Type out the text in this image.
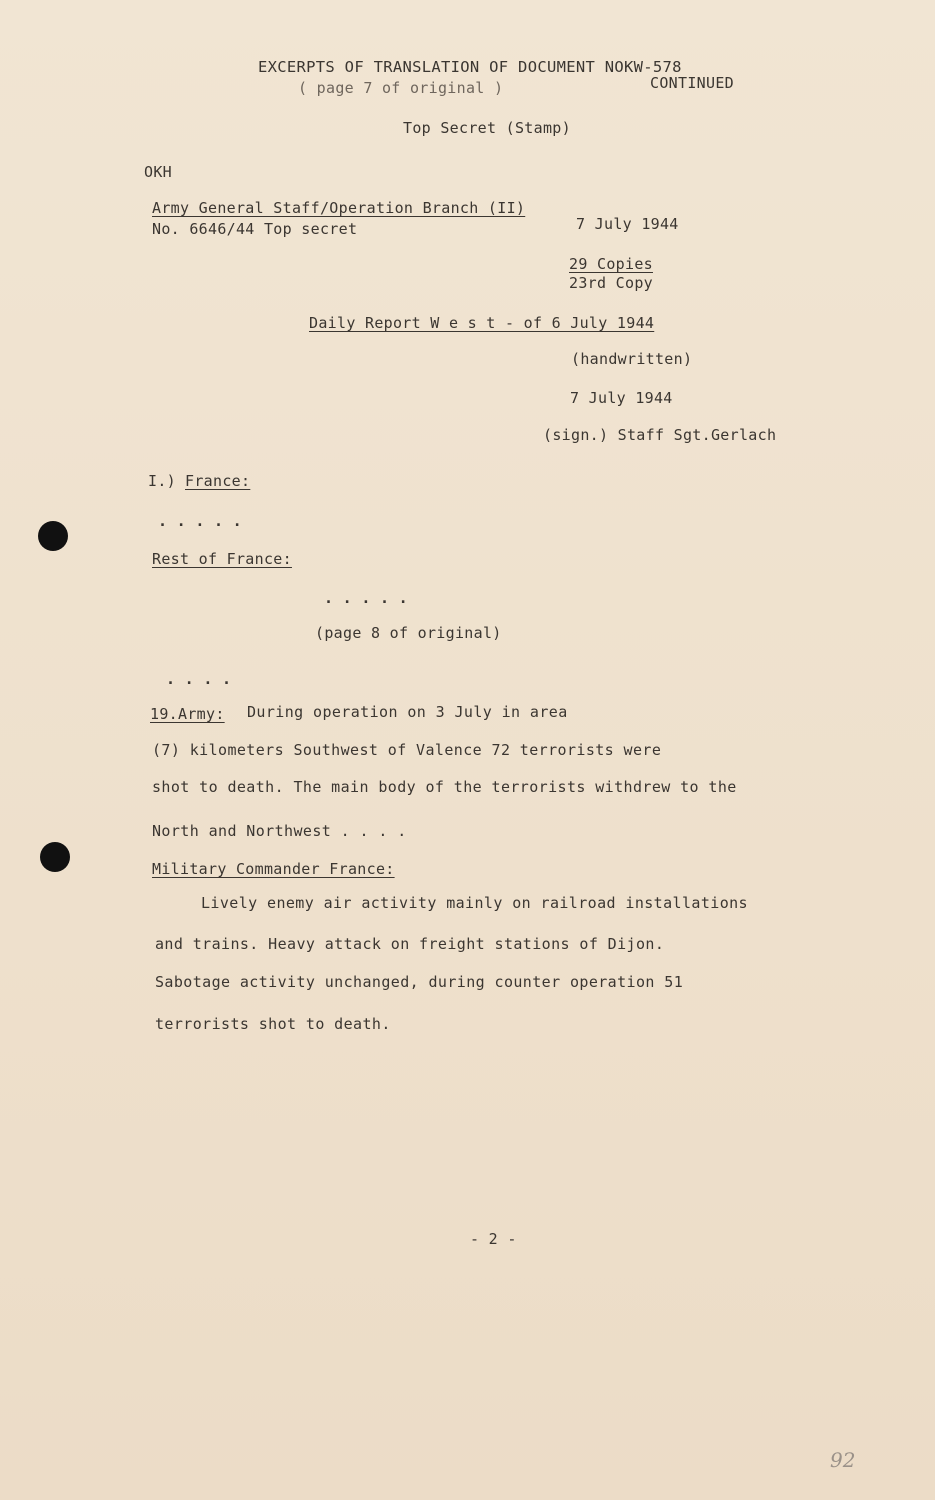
EXCERPTS OF TRANSLATION OF DOCUMENT NOKW-578
( page 7 of original )	CONTINUED
Top Secret (Stamp)
OKH
Army General Staff/Operation Branch (II)
No. 6646/44 Top secret	7 July 1944
29 Copies
23rd Copy
Daily Report W e s t - of 6 July 1944
(handwritten)
7 July 1944
(sign.) Staff Sgt.Gerlach
I.) France:
. . . . .
Rest of France:
. . . . .
(page 8 of original)
. . . .
19.Army: During operation on 3 July in area
(7) kilometers Southwest of Valence 72 terrorists were
shot to death. The main body of the terrorists withdrew to the
North and Northwest . . . .
Military Commander France:
Lively enemy air activity mainly on railroad installations
and trains. Heavy attack on freight stations of Dijon.
Sabotage activity unchanged, during counter operation 51
terrorists shot to death.
- 2 -
92
